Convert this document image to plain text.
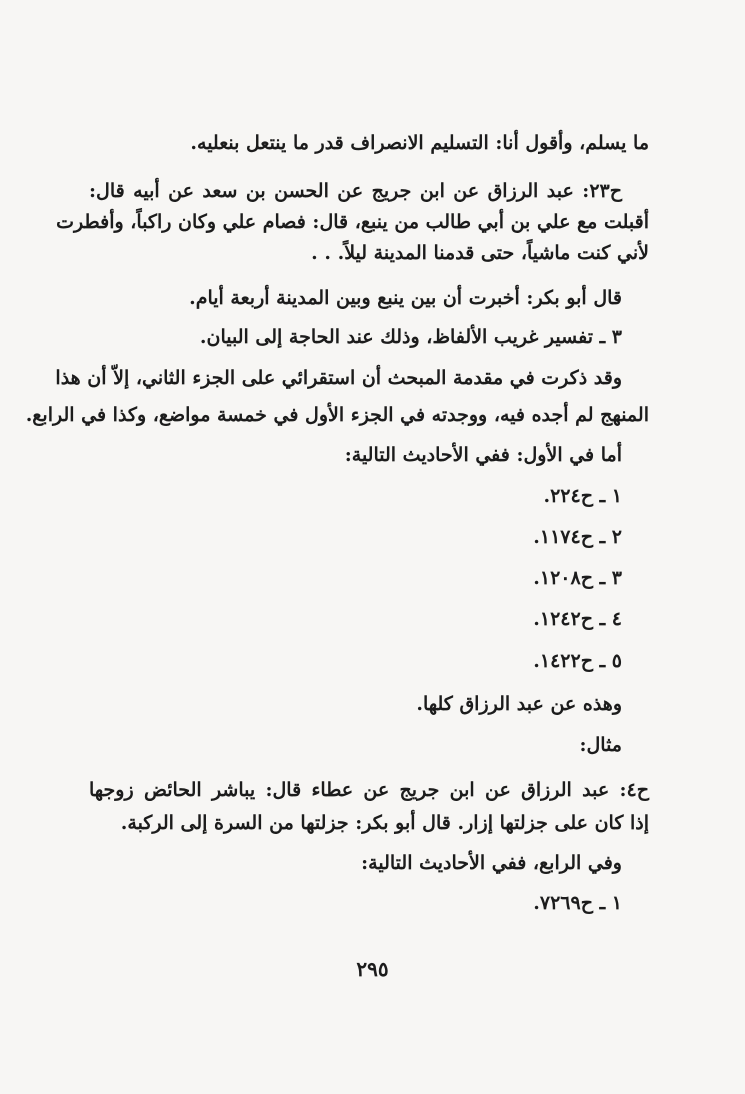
ما يسلم، وأقول أنا: التسليم الانصراف قدر ما ينتعل بنعليه.
ح٢٣: عبد الرزاق عن ابن جريج عن الحسن بن سعد عن أبيه قال:
أقبلت مع علي بن أبي طالب من ينبع، قال: فصام علي وكان راكباً، وأفطرت
لأني كنت ماشياً، حتى قدمنا المدينة ليلاً. . .
قال أبو بكر: أخبرت أن بين ينبع وبين المدينة أربعة أيام.
٣ ـ تفسير غريب الألفاظ، وذلك عند الحاجة إلى البيان.
وقد ذكرت في مقدمة المبحث أن استقرائي على الجزء الثاني، إلاّ أن هذا
المنهج لم أجده فيه، ووجدته في الجزء الأول في خمسة مواضع، وكذا في الرابع.
أما في الأول: ففي الأحاديث التالية:
١ ـ ح٢٢٤.
٢ ـ ح١١٧٤.
٣ ـ ح١٢٠٨.
٤ ـ ح١٢٤٢.
٥ ـ ح١٤٢٢.
وهذه عن عبد الرزاق كلها.
مثال:
ح٤: عبد الرزاق عن ابن جريج عن عطاء قال: يباشر الحائض زوجها
إذا كان على جزلتها إزار. قال أبو بكر: جزلتها من السرة إلى الركبة.
وفي الرابع، ففي الأحاديث التالية:
١ ـ ح٧٢٦٩.
٢٩٥
